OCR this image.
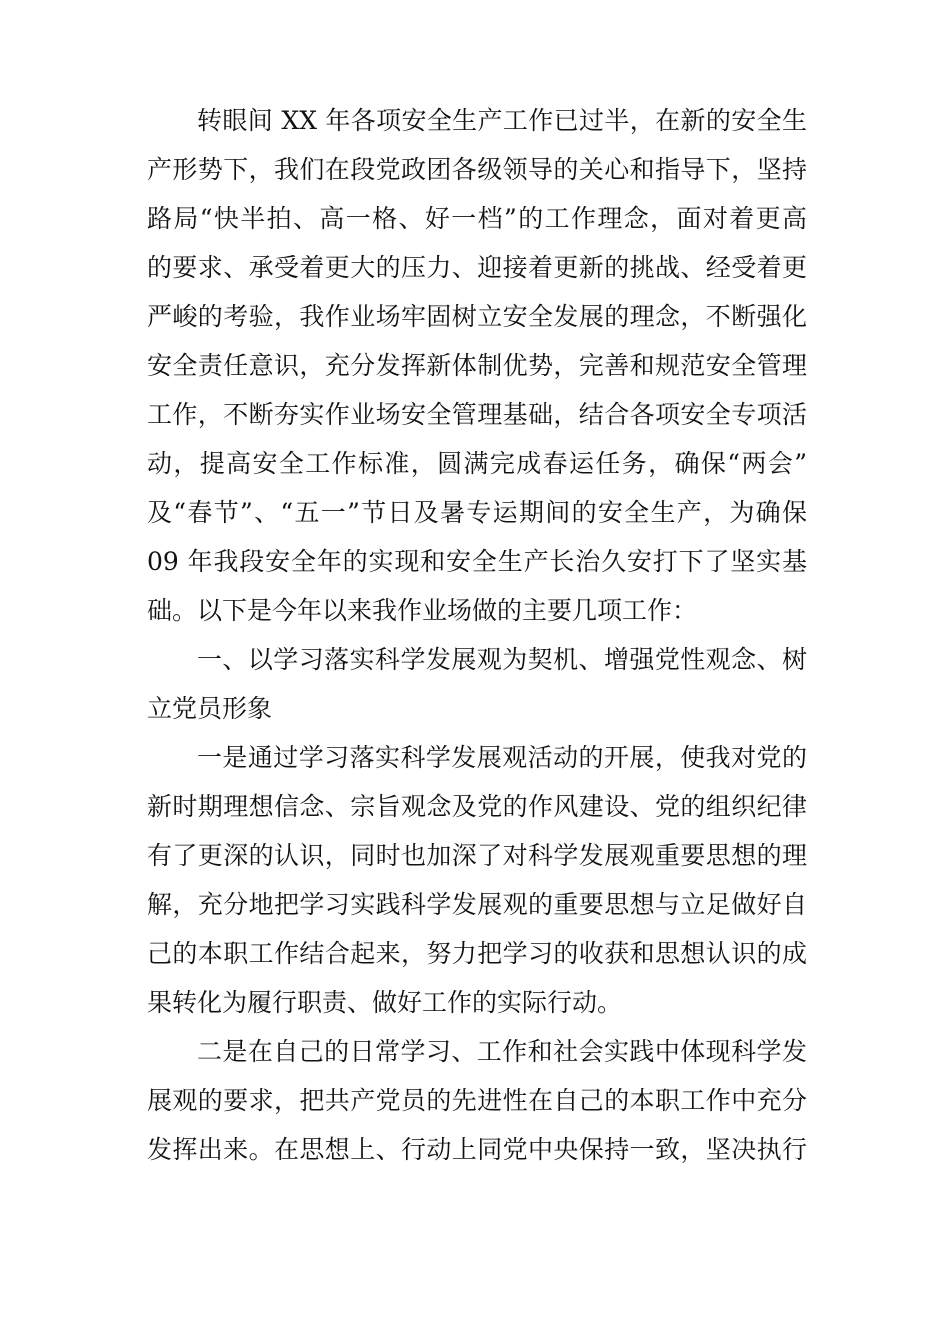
转眼间 XX 年各项安全生产工作已过半，在新的安全生
产形势下，我们在段党政团各级领导的关心和指导下，坚持
路局“快半拍、高一格、好一档”的工作理念，面对着更高
的要求、承受着更大的压力、迎接着更新的挑战、经受着更
严峻的考验，我作业场牢固树立安全发展的理念，不断强化
安全责任意识，充分发挥新体制优势，完善和规范安全管理
工作，不断夯实作业场安全管理基础，结合各项安全专项活
动，提高安全工作标准，圆满完成春运任务，确保“两会”
及“春节”、“五一”节日及暑专运期间的安全生产，为确保
09 年我段安全年的实现和安全生产长治久安打下了坚实基
础。以下是今年以来我作业场做的主要几项工作：
一、以学习落实科学发展观为契机、增强党性观念、树
立党员形象
一是通过学习落实科学发展观活动的开展，使我对党的
新时期理想信念、宗旨观念及党的作风建设、党的组织纪律
有了更深的认识，同时也加深了对科学发展观重要思想的理
解，充分地把学习实践科学发展观的重要思想与立足做好自
己的本职工作结合起来，努力把学习的收获和思想认识的成
果转化为履行职责、做好工作的实际行动。
二是在自己的日常学习、工作和社会实践中体现科学发
展观的要求，把共产党员的先进性在自己的本职工作中充分
发挥出来。在思想上、行动上同党中央保持一致，坚决执行
